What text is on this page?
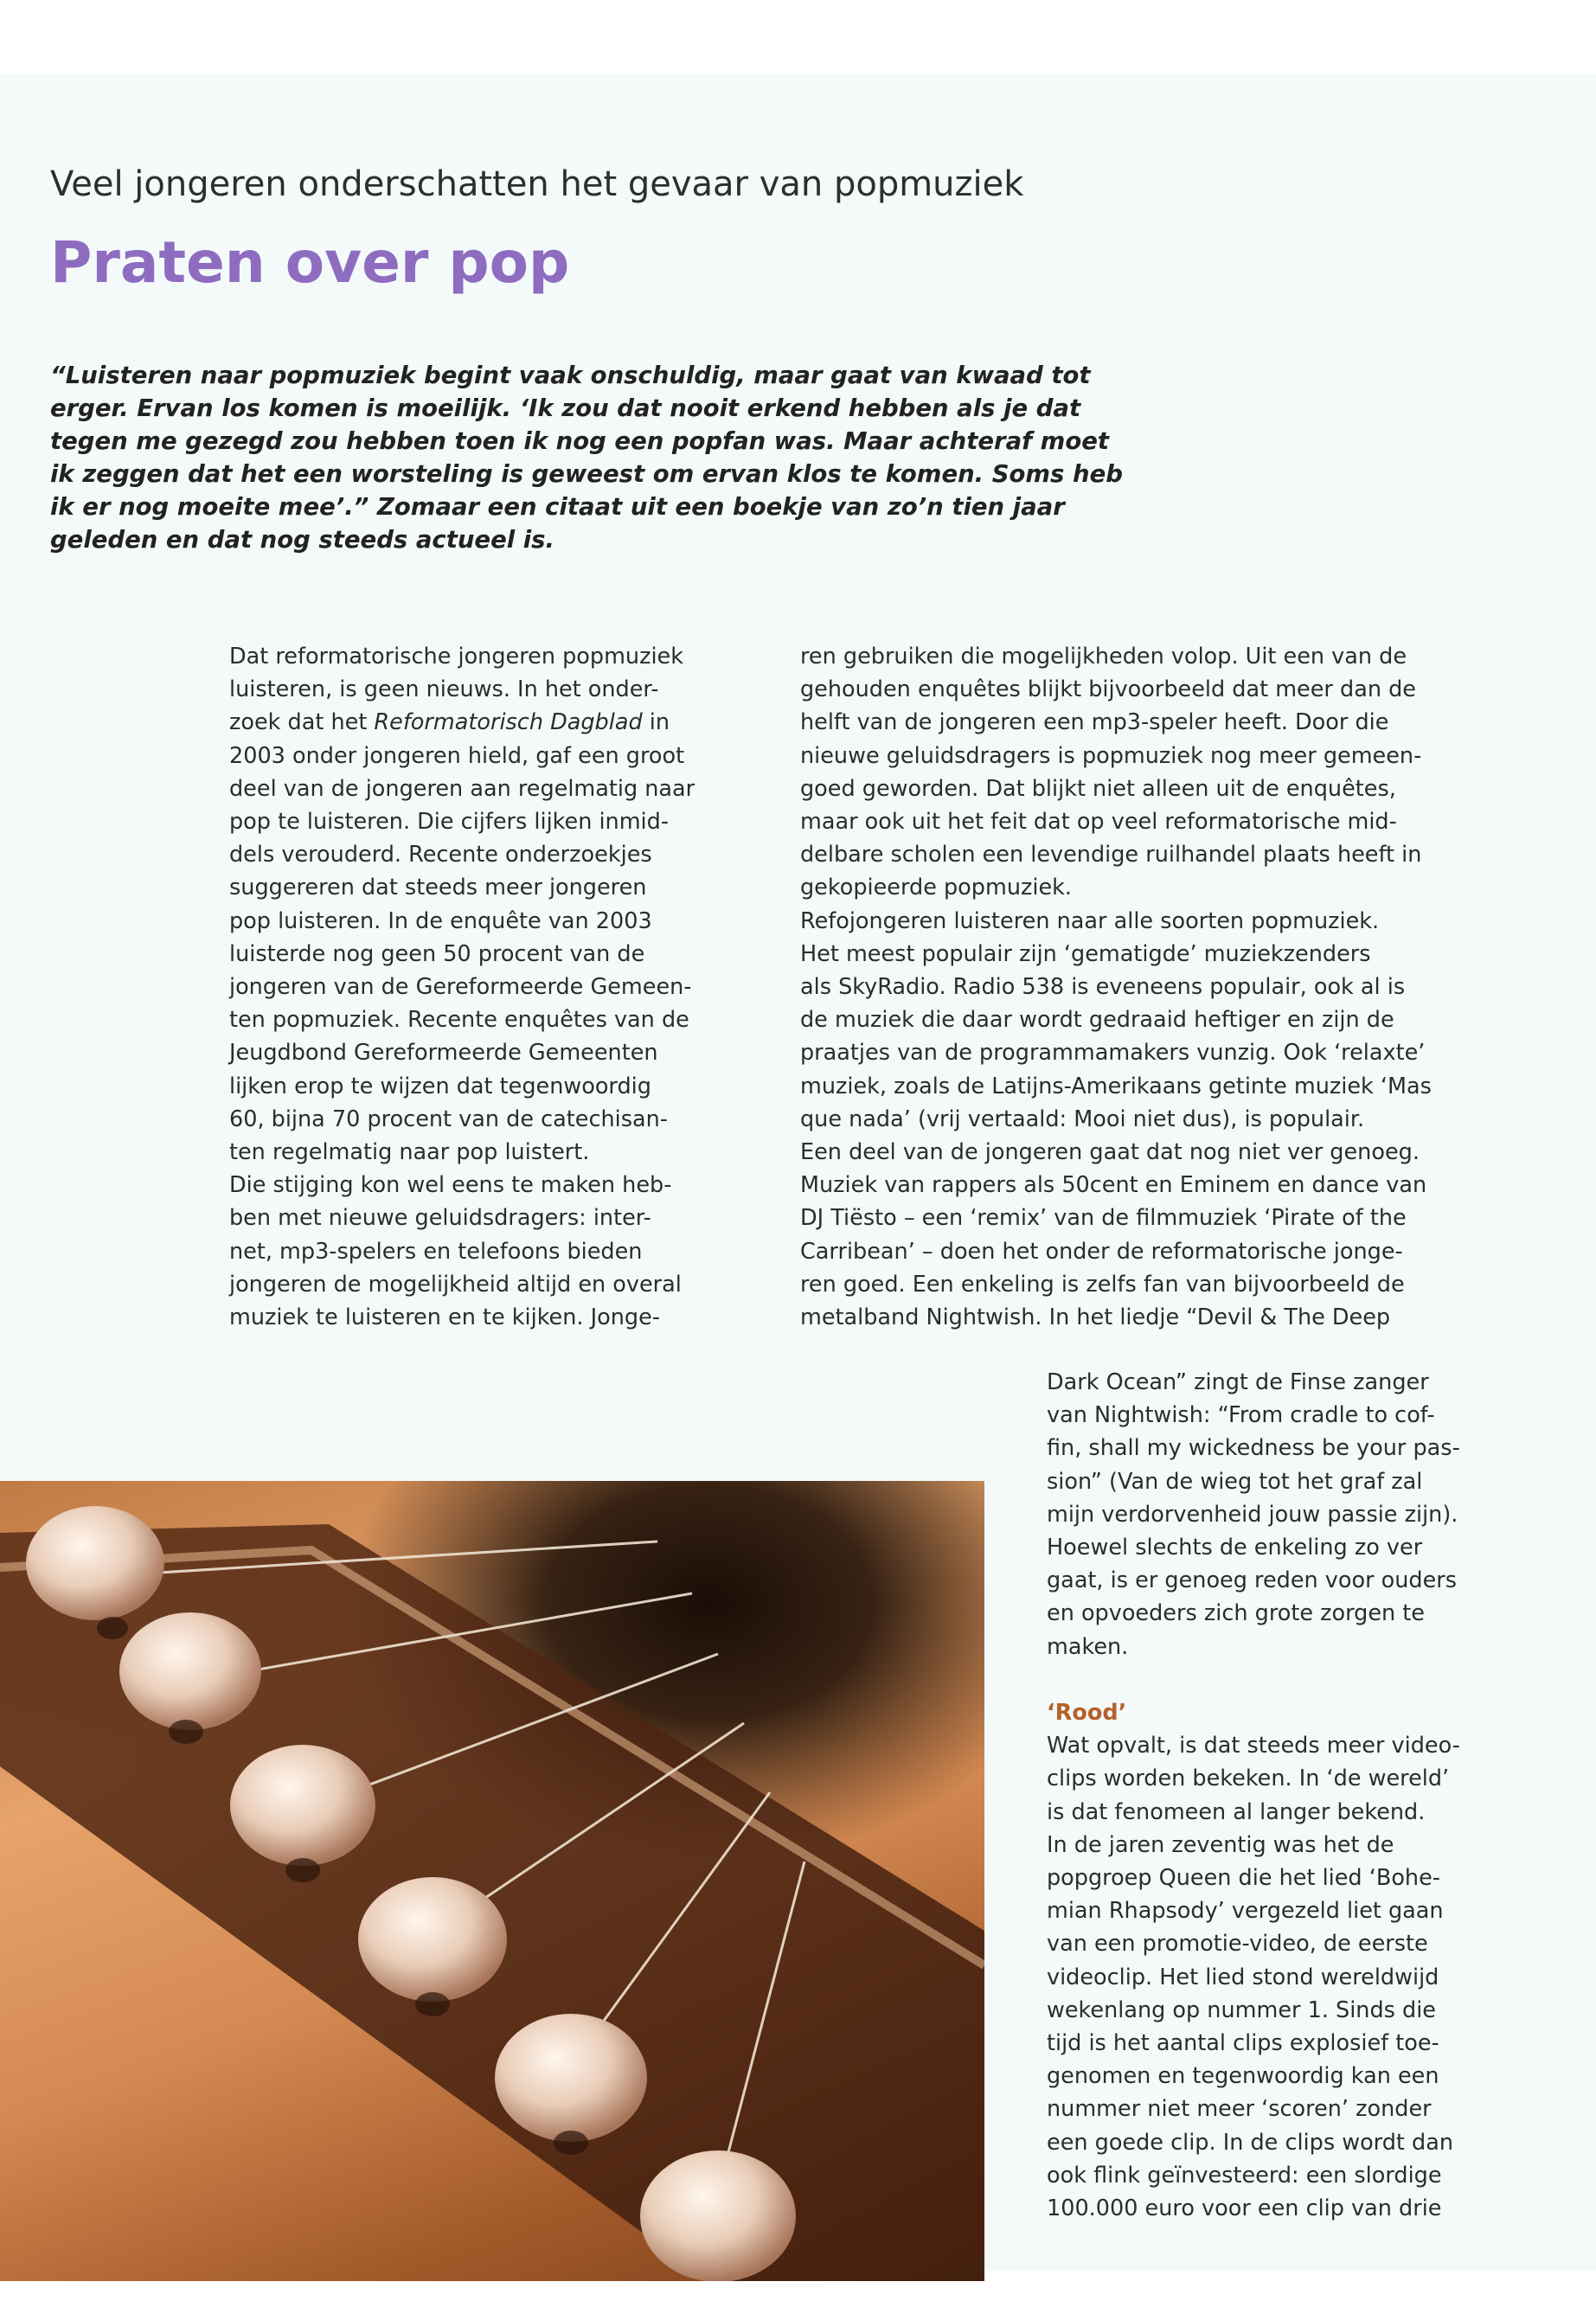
Veel jongeren onderschatten het gevaar van popmuziek
Praten over pop

“Luisteren naar popmuziek begint vaak onschuldig, maar gaat van kwaad tot erger. Ervan los komen is moeilijk. ‘Ik zou dat nooit erkend hebben als je dat tegen me gezegd zou hebben toen ik nog een popfan was. Maar achteraf moet ik zeggen dat het een worsteling is geweest om ervan klos te komen. Soms heb ik er nog moeite mee’.” Zomaar een citaat uit een boekje van zo’n tien jaar geleden en dat nog steeds actueel is.

Dat reformatorische jongeren popmuziek
luisteren, is geen nieuws. In het onder-
zoek dat het Reformatorisch Dagblad in
2003 onder jongeren hield, gaf een groot
deel van de jongeren aan regelmatig naar
pop te luisteren. Die cijfers lijken inmid-
dels verouderd. Recente onderzoekjes
suggereren dat steeds meer jongeren
pop luisteren. In de enquête van 2003
luisterde nog geen 50 procent van de
jongeren van de Gereformeerde Gemeen-
ten popmuziek. Recente enquêtes van de
Jeugdbond Gereformeerde Gemeenten
lijken erop te wijzen dat tegenwoordig
60, bijna 70 procent van de catechisan-
ten regelmatig naar pop luistert.
Die stijging kon wel eens te maken heb-
ben met nieuwe geluidsdragers: inter-
net, mp3-spelers en telefoons bieden
jongeren de mogelijkheid altijd en overal
muziek te luisteren en te kijken. Jonge-
ren gebruiken die mogelijkheden volop. Uit een van de
gehouden enquêtes blijkt bijvoorbeeld dat meer dan de
helft van de jongeren een mp3-speler heeft. Door die
nieuwe geluidsdragers is popmuziek nog meer gemeen-
goed geworden. Dat blijkt niet alleen uit de enquêtes,
maar ook uit het feit dat op veel reformatorische mid-
delbare scholen een levendige ruilhandel plaats heeft in
gekopieerde popmuziek.
Refojongeren luisteren naar alle soorten popmuziek.
Het meest populair zijn ‘gematigde’ muziekzenders
als SkyRadio. Radio 538 is eveneens populair, ook al is
de muziek die daar wordt gedraaid heftiger en zijn de
praatjes van de programmamakers vunzig. Ook ‘relaxte’
muziek, zoals de Latijns-Amerikaans getinte muziek ‘Mas
que nada’ (vrij vertaald: Mooi niet dus), is populair.
Een deel van de jongeren gaat dat nog niet ver genoeg.
Muziek van rappers als 50cent en Eminem en dance van
DJ Tiësto – een ‘remix’ van de filmmuziek ‘Pirate of the
Carribean’ – doen het onder de reformatorische jonge-
ren goed. Een enkeling is zelfs fan van bijvoorbeeld de
metalband Nightwish. In het liedje “Devil & The Deep
Dark Ocean” zingt de Finse zanger
van Nightwish: “From cradle to cof-
fin, shall my wickedness be your pas-
sion” (Van de wieg tot het graf zal
mijn verdorvenheid jouw passie zijn).
Hoewel slechts de enkeling zo ver
gaat, is er genoeg reden voor ouders
en opvoeders zich grote zorgen te
maken.

‘Rood’
Wat opvalt, is dat steeds meer video-
clips worden bekeken. In ‘de wereld’
is dat fenomeen al langer bekend.
In de jaren zeventig was het de
popgroep Queen die het lied ‘Bohe-
mian Rhapsody’ vergezeld liet gaan
van een promotie-video, de eerste
videoclip. Het lied stond wereldwijd
wekenlang op nummer 1. Sinds die
tijd is het aantal clips explosief toe-
genomen en tegenwoordig kan een
nummer niet meer ‘scoren’ zonder
een goede clip. In de clips wordt dan
ook flink geïnvesteerd: een slordige
100.000 euro voor een clip van drie
